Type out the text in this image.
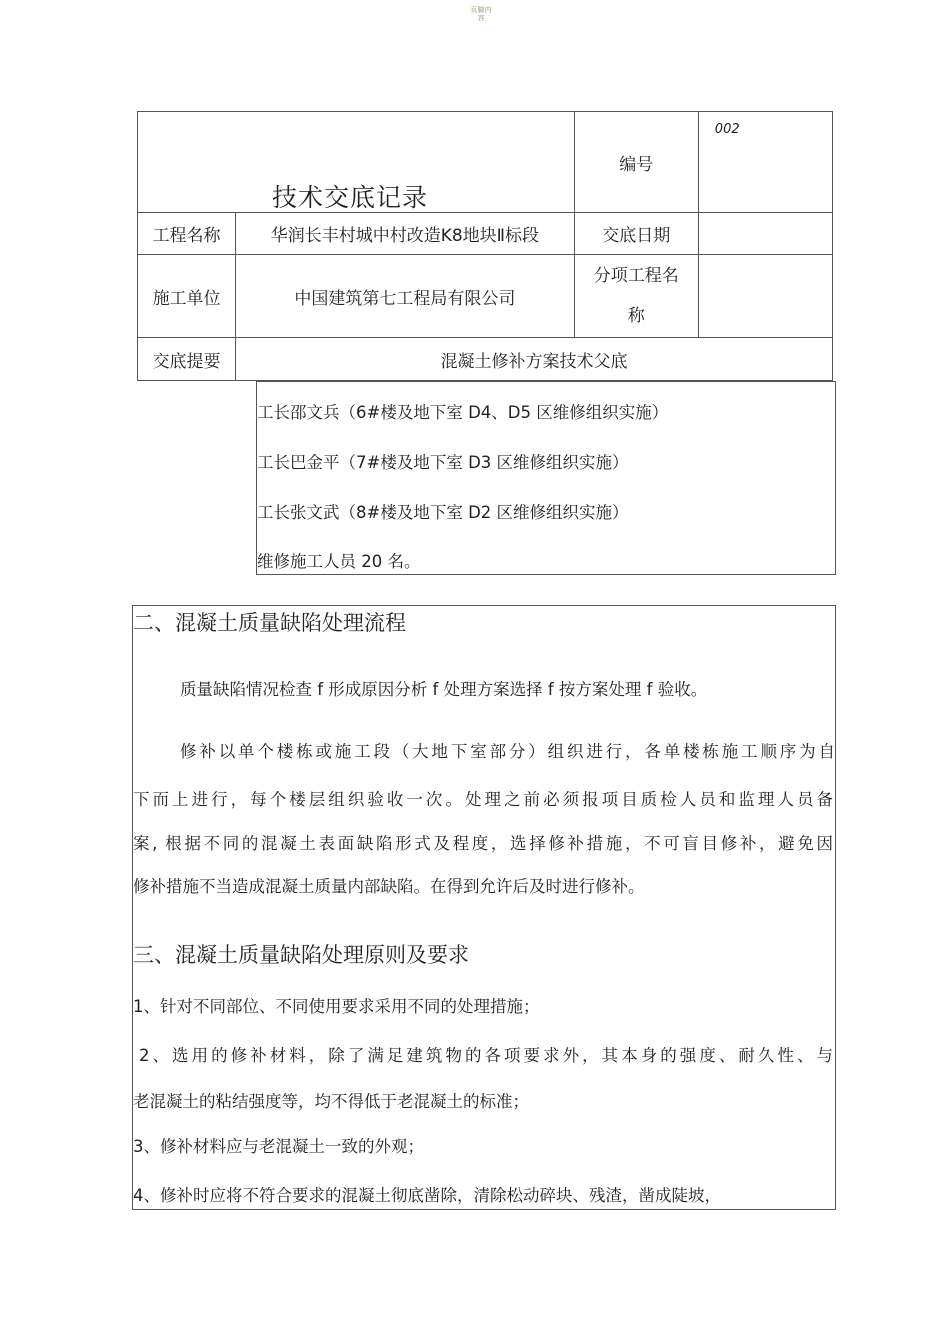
页脚内容
技术交底记录		编号	002

工程名称	华润长丰村城中村改造K8地块Ⅱ标段	交底日期	
施工单位	中国建筑第七工程局有限公司	分项工程名
称	

交底提要	混凝土修补方案技术父底		
工长邵文兵（6#楼及地下室 D4、D5 区维修组织实施）
工长巴金平（7#楼及地下室 D3 区维修组织实施）
工长张文武（8#楼及地下室 D2 区维修组织实施）
维修施工人员 20 名。
二、混凝土质量缺陷处理流程
质量缺陷情况检查 f 形成原因分析 f 处理方案选择 f 按方案处理 f 验收。
修补以单个楼栋或施工段（大地下室部分）组织进行，各单楼栋施工顺序为自
下而上进行，每个楼层组织验收一次。处理之前必须报项目质检人员和监理人员备
案, 根据不同的混凝土表面缺陷形式及程度，选择修补措施，不可盲目修补，避免因
修补措施不当造成混凝土质量内部缺陷。在得到允许后及时进行修补。
三、混凝土质量缺陷处理原则及要求
1、针对不同部位、不同使用要求采用不同的处理措施；
2、选用的修补材料，除了满足建筑物的各项要求外，其本身的强度、耐久性、与
老混凝土的粘结强度等，均不得低于老混凝土的标准；
3、修补材料应与老混凝土一致的外观；
4、修补时应将不符合要求的混凝土彻底凿除，清除松动碎块、残渣，凿成陡坡，
